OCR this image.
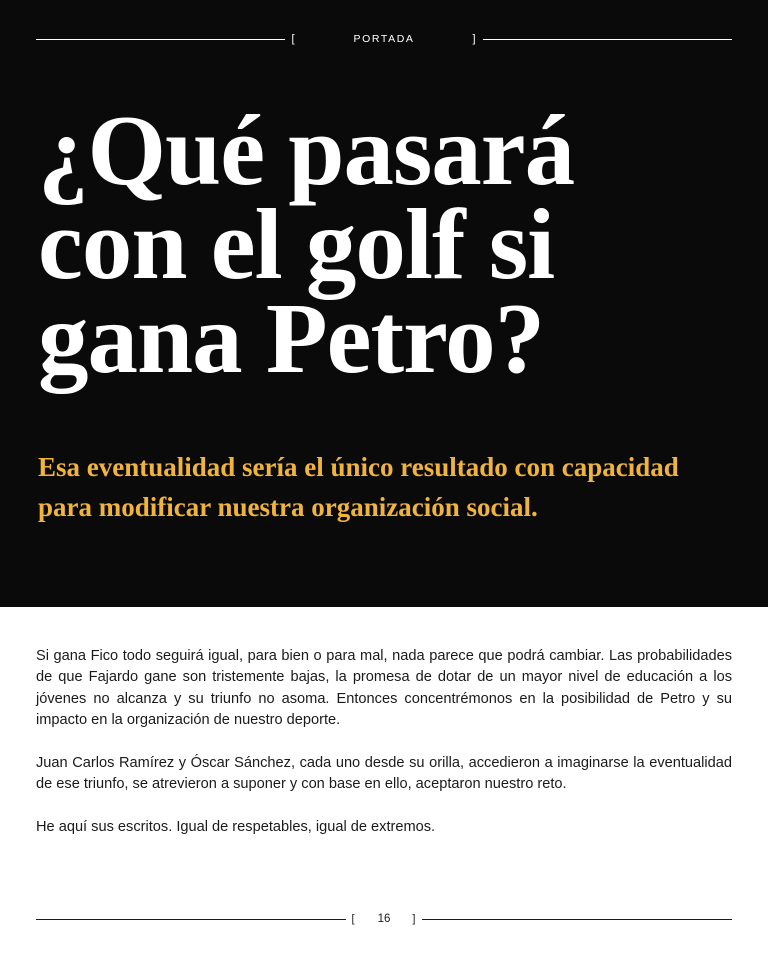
[	PORTADA	]
¿Qué pasará con el golf si gana Petro?

Esa eventualidad sería el único resultado con capacidad para modificar nuestra organización social.

Si gana Fico todo seguirá igual, para bien o para mal, nada parece que podrá cambiar. Las probabilidades de que Fajardo gane son tristemente bajas, la promesa de dotar de un mayor nivel de educación a los jóvenes no alcanza y su triunfo no asoma. Entonces concentrémonos en la posibilidad de Petro y su impacto en la organización de nuestro deporte.

Juan Carlos Ramírez y Óscar Sánchez, cada uno desde su orilla, accedieron a imaginarse la eventualidad de ese triunfo, se atrevieron a suponer y con base en ello, aceptaron nuestro reto.

He aquí sus escritos. Igual de respetables, igual de extremos.

[	16	]
